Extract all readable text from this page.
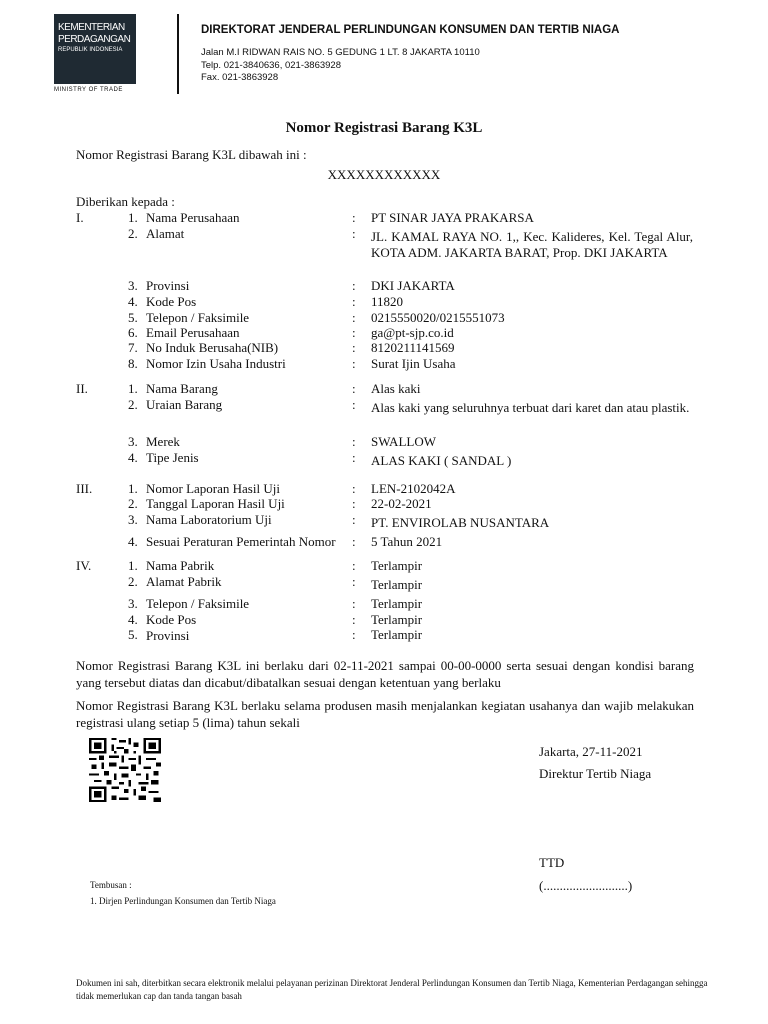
KEMENTERIAN
PERDAGANGAN
REPUBLIK INDONESIA
MINISTRY OF TRADE
DIREKTORAT JENDERAL PERLINDUNGAN KONSUMEN DAN TERTIB NIAGA
Jalan M.I RIDWAN RAIS NO. 5 GEDUNG 1 LT. 8 JAKARTA 10110
Telp. 021-3840636, 021-3863928
Fax. 021-3863928
Nomor Registrasi Barang K3L
Nomor Registrasi Barang K3L dibawah ini :
XXXXXXXXXXXX
Diberikan kepada :
I.	1. Nama Perusahaan	: PT SINAR JAYA PRAKARSA
2. Alamat	: JL. KAMAL RAYA NO. 1,, Kec. Kalideres, Kel. Tegal Alur, KOTA ADM. JAKARTA BARAT, Prop. DKI JAKARTA
3. Provinsi	: DKI JAKARTA
4. Kode Pos	: 11820
5. Telepon / Faksimile	: 0215550020/0215551073
6. Email Perusahaan	: ga@pt-sjp.co.id
7. No Induk Berusaha(NIB)	: 8120211141569
8. Nomor Izin Usaha Industri	: Surat Ijin Usaha
II.	1. Nama Barang	: Alas kaki
2. Uraian Barang	: Alas kaki yang seluruhnya terbuat dari karet dan atau plastik.
3. Merek	: SWALLOW
4. Tipe Jenis	: ALAS KAKI ( SANDAL )
III.	1. Nomor Laporan Hasil Uji	: LEN-2102042A
2. Tanggal Laporan Hasil Uji	: 22-02-2021
3. Nama Laboratorium Uji	: PT. ENVIROLAB NUSANTARA
4. Sesuai Peraturan Pemerintah Nomor : 5 Tahun 2021
IV.	1. Nama Pabrik	: Terlampir
2. Alamat Pabrik	: Terlampir
3. Telepon / Faksimile	: Terlampir
4. Kode Pos	: Terlampir
5. Provinsi	: Terlampir
Nomor Registrasi Barang K3L ini berlaku dari 02-11-2021 sampai 00-00-0000 serta sesuai dengan kondisi barang yang tersebut diatas dan dicabut/dibatalkan sesuai dengan ketentuan yang berlaku
Nomor Registrasi Barang K3L berlaku selama produsen masih menjalankan kegiatan usahanya dan wajib melakukan registrasi ulang setiap 5 (lima) tahun sekali
Jakarta, 27-11-2021
Direktur Tertib Niaga
TTD
(..........................)
Tembusan :
1. Dirjen Perlindungan Konsumen dan Tertib Niaga
Dokumen ini sah, diterbitkan secara elektronik melalui pelayanan perizinan Direktorat Jenderal Perlindungan Konsumen dan Tertib Niaga, Kementerian Perdagangan sehingga tidak memerlukan cap dan tanda tangan basah
